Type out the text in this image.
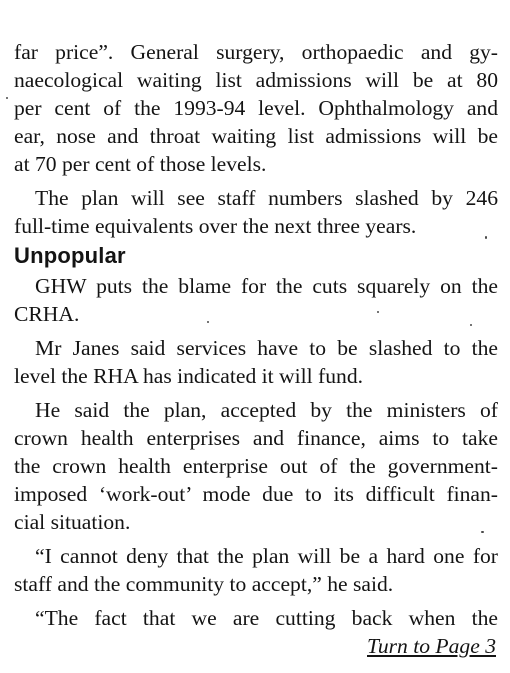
far price”. General surgery, orthopaedic and gy-
naecological waiting list admissions will be at 80
per cent of the 1993-94 level. Ophthalmology and
ear, nose and throat waiting list admissions will be
at 70 per cent of those levels.
The plan will see staff numbers slashed by 246
full-time equivalents over the next three years.
Unpopular
GHW puts the blame for the cuts squarely on the
CRHA.
Mr Janes said services have to be slashed to the
level the RHA has indicated it will fund.
He said the plan, accepted by the ministers of
crown health enterprises and finance, aims to take
the crown health enterprise out of the government-
imposed ‘work-out’ mode due to its difficult finan-
cial situation.
“I cannot deny that the plan will be a hard one for
staff and the community to accept,” he said.
“The fact that we are cutting back when the
Turn to Page 3
